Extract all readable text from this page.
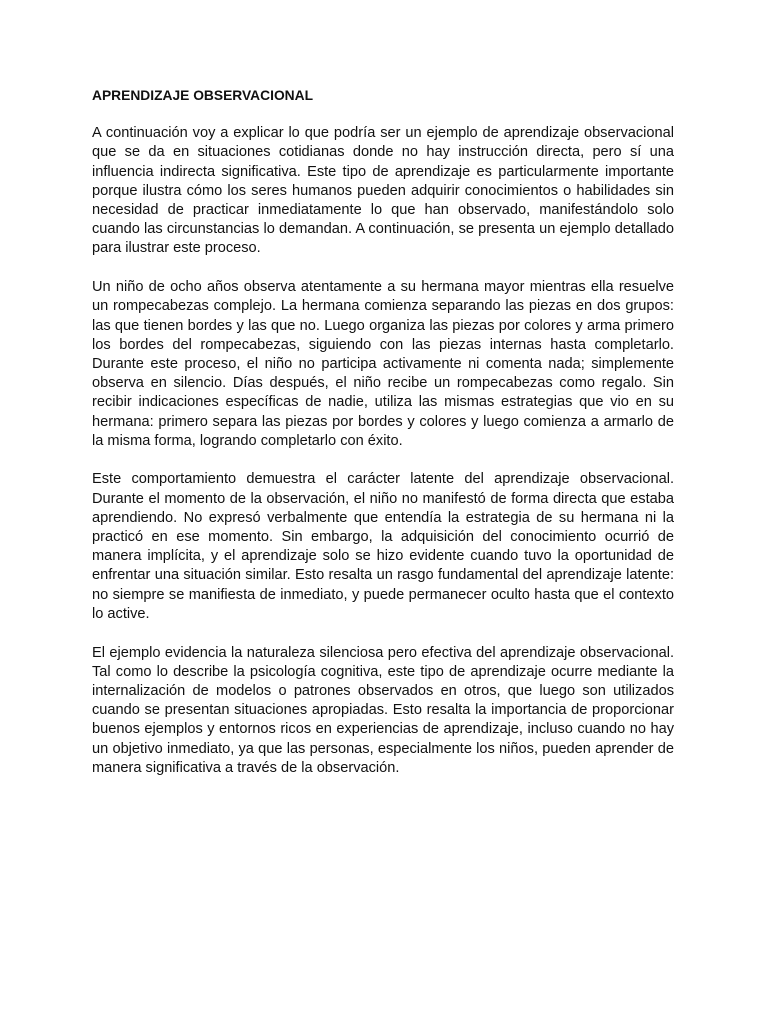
APRENDIZAJE OBSERVACIONAL

A continuación voy a explicar lo que podría ser un ejemplo de aprendizaje observacional que se da en situaciones cotidianas donde no hay instrucción directa, pero sí una influencia indirecta significativa. Este tipo de aprendizaje es particularmente importante porque ilustra cómo los seres humanos pueden adquirir conocimientos o habilidades sin necesidad de practicar inmediatamente lo que han observado, manifestándolo solo cuando las circunstancias lo demandan. A continuación, se presenta un ejemplo detallado para ilustrar este proceso.

Un niño de ocho años observa atentamente a su hermana mayor mientras ella resuelve un rompecabezas complejo. La hermana comienza separando las piezas en dos grupos: las que tienen bordes y las que no. Luego organiza las piezas por colores y arma primero los bordes del rompecabezas, siguiendo con las piezas internas hasta completarlo. Durante este proceso, el niño no participa activamente ni comenta nada; simplemente observa en silencio. Días después, el niño recibe un rompecabezas como regalo. Sin recibir indicaciones específicas de nadie, utiliza las mismas estrategias que vio en su hermana: primero separa las piezas por bordes y colores y luego comienza a armarlo de la misma forma, logrando completarlo con éxito.

Este comportamiento demuestra el carácter latente del aprendizaje observacional. Durante el momento de la observación, el niño no manifestó de forma directa que estaba aprendiendo. No expresó verbalmente que entendía la estrategia de su hermana ni la practicó en ese momento. Sin embargo, la adquisición del conocimiento ocurrió de manera implícita, y el aprendizaje solo se hizo evidente cuando tuvo la oportunidad de enfrentar una situación similar. Esto resalta un rasgo fundamental del aprendizaje latente: no siempre se manifiesta de inmediato, y puede permanecer oculto hasta que el contexto lo active.

El ejemplo evidencia la naturaleza silenciosa pero efectiva del aprendizaje observacional. Tal como lo describe la psicología cognitiva, este tipo de aprendizaje ocurre mediante la internalización de modelos o patrones observados en otros, que luego son utilizados cuando se presentan situaciones apropiadas. Esto resalta la importancia de proporcionar buenos ejemplos y entornos ricos en experiencias de aprendizaje, incluso cuando no hay un objetivo inmediato, ya que las personas, especialmente los niños, pueden aprender de manera significativa a través de la observación.
